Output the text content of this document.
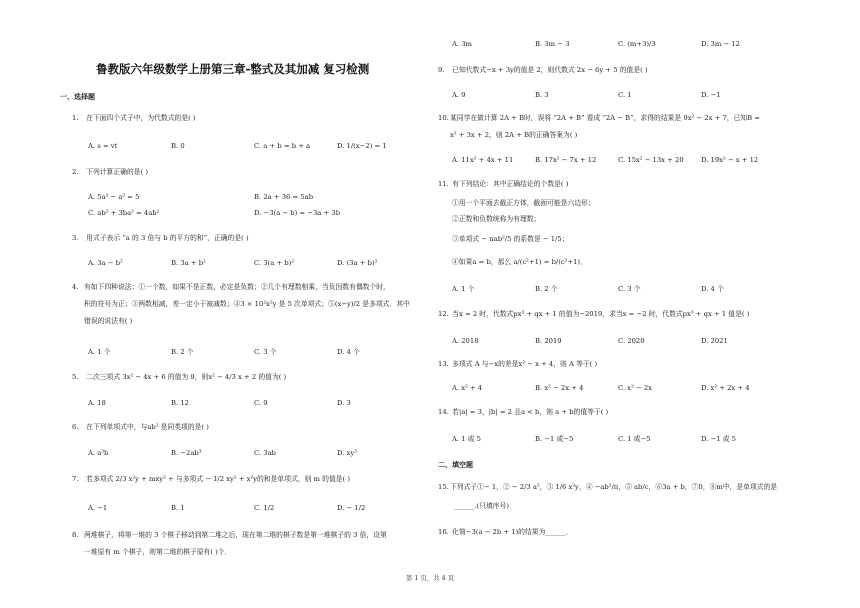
鲁教版六年级数学上册第三章-整式及其加减 复习检测
一、选择题
1. 在下面四个式子中，为代数式的是( )
A. s = vt	B. 0	C. a + b = b + a	D. 1/(x−2) = 1
2. 下列计算正确的是( )
A. 5a² − a² = 5	B. 2a + 36 = 5ab
C. ab² + 3ba² = 4ab²	D. −3(a − b) = −3a + 3b
3. 用式子表示 “a 的 3 倍与 b 的平方的和”，正确的是( )
A. 3a − b²	B. 3a + b²	C. 3(a + b)²	D. (3a + b)²
4. 有如下四种说法：①一个数，如果不是正数，必定是负数；②几个有理数相乘，当负因数有偶数个时，
积的符号为正；③两数相减，差一定小于被减数；④3 × 10²x²y 是 5 次单项式；⑤(x−y)/2 是多项式．其中
错误的说法有( )
A. 1 个	B. 2 个	C. 3 个	D. 4 个
5. 二次三项式 3x² − 4x + 6 的值为 9，则x² − 4/3 x + 2 的值为( )
A. 18	B. 12	C. 9	D. 3
6. 在下列单项式中，与ab² 是同类项的是( )
A. a³b	B. −2ab³	C. 3ab	D. xy³
7. 若多项式 2/3 x²y + mxy² + 与多项式 − 1/2 xy² + x²y的和是单项式，则 m 的值是( )
A. −1	B. 1	C. 1/2	D. − 1/2
8. 两堆棋子，将第一堆的 3 个棋子移动到第二堆之后，现在第二堆的棋子数是第一堆棋子的 3 倍，设第
一堆原有 m 个棋子，则第二堆的棋子原有( )个．
A. 3m	B. 3m − 3	C. (m+3)/3	D. 3m − 12
9. 已知代数式−x + 3y的值是 2，则代数式 2x − 6y + 5 的值是( )
A. 9	B. 3	C. 1	D. −1
10.某同学在做计算 2A + B时，误将 “2A + B” 看成 “2A − B”，求得的结果是 9x² − 2x + 7，已知B =
x² + 3x + 2，则 2A + B的正确答案为( )
A. 11x² + 4x + 11	B. 17x² − 7x + 12	C. 15x² − 13x + 20	D. 19x² − x + 12
11. 有下列结论：其中正确结论的个数是( )
①用一个平面去截正方体，截面可能是六边形；
②正数和负数统称为有理数；
③单项式 − πab²/5 的系数是 − 1/5；
④如果a = b，那么 a/(c²+1) = b/(c²+1)．
A. 1 个	B. 2 个	C. 3 个	D. 4 个
12. 当x = 2 时，代数式px³ + qx + 1 的值为−2019，求当x = −2 时，代数式px³ + qx + 1 值是( )
A. 2018	B. 2019	C. 2020	D. 2021
13. 多项式 A 与−x的差是x² − x + 4，则 A 等于( )
A. x² + 4	B. x² − 2x + 4	C. x² − 2x	D. x² + 2x + 4
14. 若|a| = 3，|b| = 2 且a < b，则 a + b的值等于( )
A. 1 或 5	B. −1 或−5	C. 1 或−5	D. −1 或 5
二、填空题
15.下列式子①− 1，② − 2/3 a²，③ 1/6 x²y，④ −ab²/π，⑤ ab/c，⑥3a + b，⑦0，⑧m中，是单项式的是
______.(只填序号)
16. 化简−3(a − 2b + 1)的结果为______．
第 1 页，共 4 页
